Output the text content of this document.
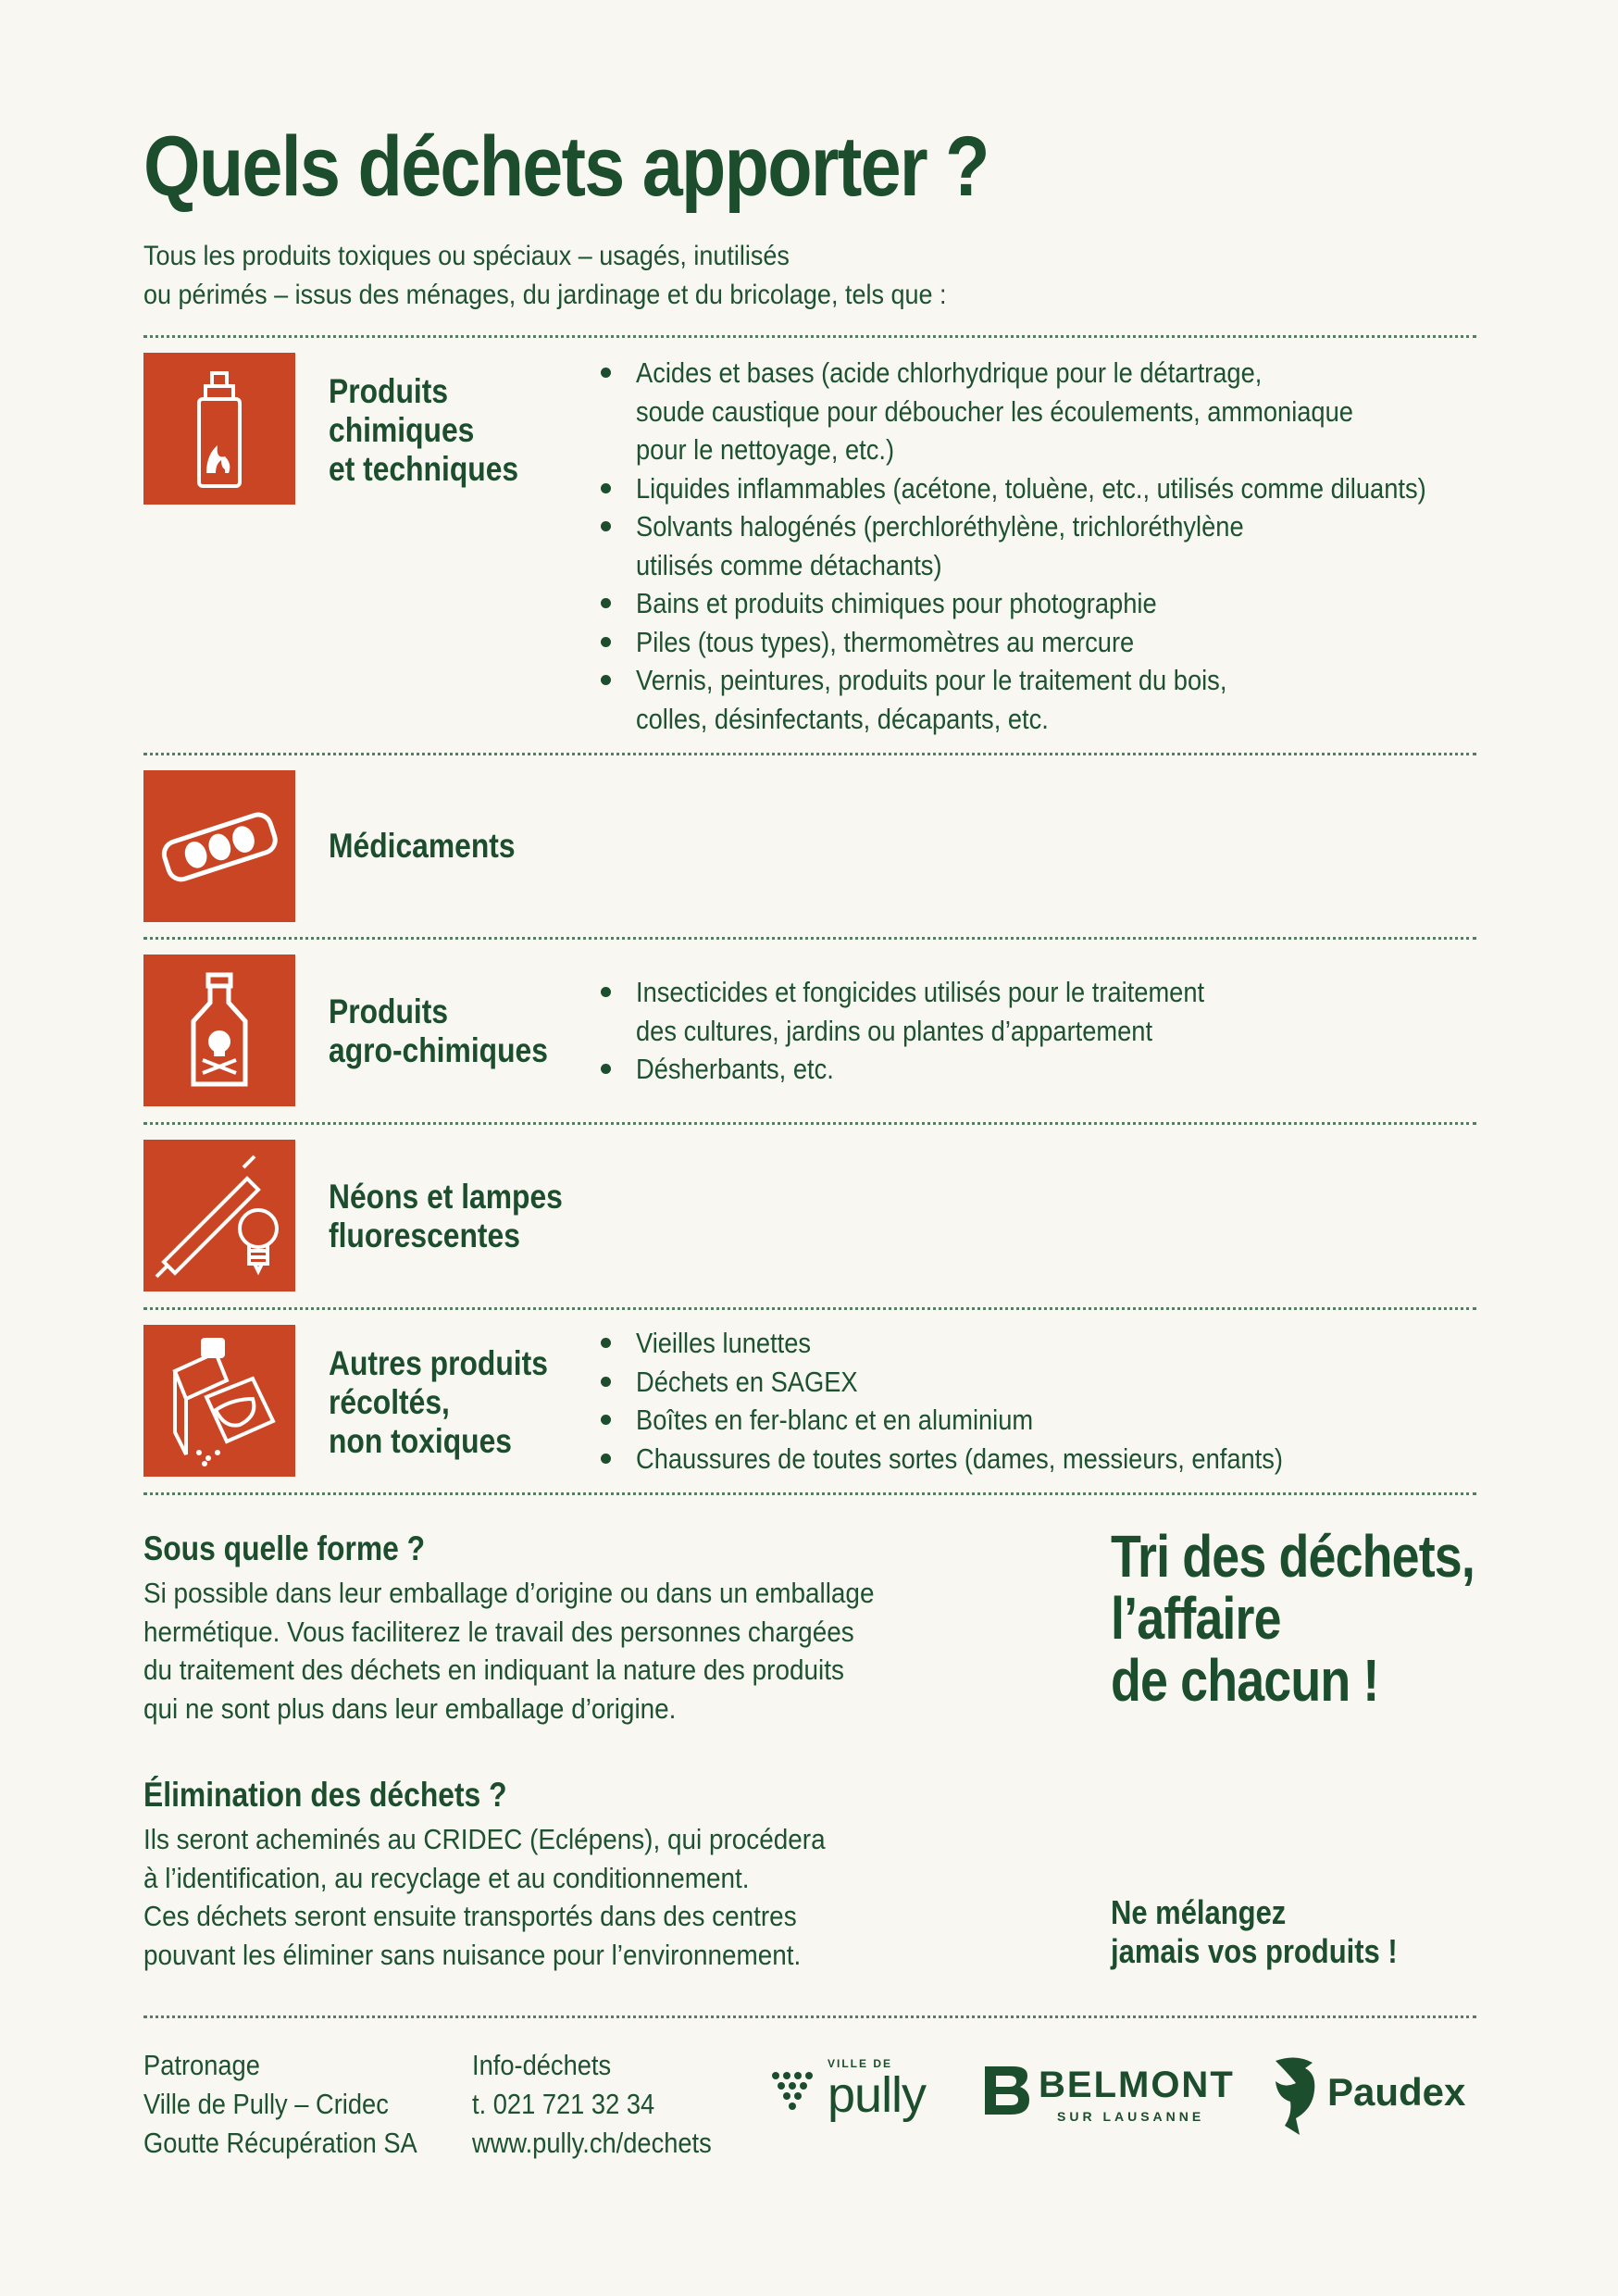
Quels déchets apporter ?
Tous les produits toxiques ou spéciaux – usagés, inutilisés
ou périmés – issus des ménages, du jardinage et du bricolage, tels que :
Produits
chimiques
et techniques
Acides et bases (acide chlorhydrique pour le détartrage,
soude caustique pour déboucher les écoulements, ammoniaque
pour le nettoyage, etc.)
Liquides inflammables (acétone, toluène, etc., utilisés comme diluants)
Solvants halogénés (perchloréthylène, trichloréthylène
utilisés comme détachants)
Bains et produits chimiques pour photographie
Piles (tous types), thermomètres au mercure
Vernis, peintures, produits pour le traitement du bois,
colles, désinfectants, décapants, etc.
Médicaments
Produits
agro-chimiques
Insecticides et fongicides utilisés pour le traitement
des cultures, jardins ou plantes d’appartement
Désherbants, etc.
Néons et lampes
fluorescentes
Autres produits
récoltés,
non toxiques
Vieilles lunettes
Déchets en SAGEX
Boîtes en fer-blanc et en aluminium
Chaussures de toutes sortes (dames, messieurs, enfants)
Sous quelle forme ?
Si possible dans leur emballage d’origine ou dans un emballage
hermétique. Vous faciliterez le travail des personnes chargées
du traitement des déchets en indiquant la nature des produits
qui ne sont plus dans leur emballage d’origine.
Élimination des déchets ?
Ils seront acheminés au CRIDEC (Eclépens), qui procédera
à l’identification, au recyclage et au conditionnement.
Ces déchets seront ensuite transportés dans des centres
pouvant les éliminer sans nuisance pour l’environnement.
Tri des déchets,
l’affaire
de chacun !
Ne mélangez
jamais vos produits !
Patronage
Ville de Pully – Cridec
Goutte Récupération SA
Info-déchets
t. 021 721 32 34
www.pully.ch/dechets
VILLE DE
pully	BELMONT
SUR LAUSANNE
Paudex
